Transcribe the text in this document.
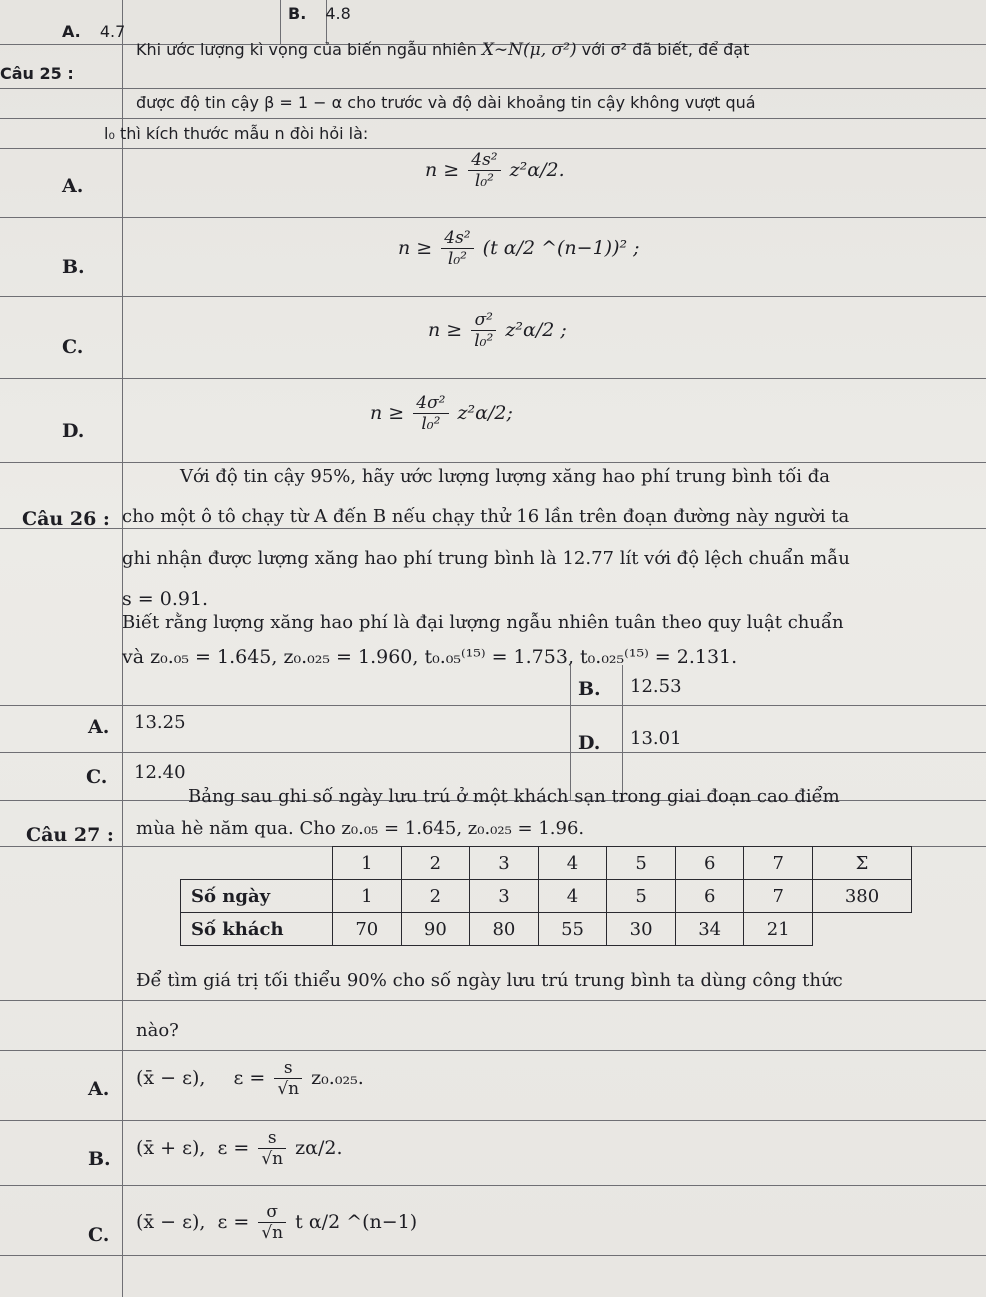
A. 4.7
B. 4.8
Câu 25 :
Khi ước lượng kì vọng của biến ngẫu nhiên X∼N(μ, σ²) với σ² đã biết, để đạt
được độ tin cậy β = 1 − α cho trước và độ dài khoảng tin cậy không vượt quá
l₀ thì kích thước mẫu n đòi hỏi là:
A.
$n \ge \frac{\text{4s²}}{\text{l₀²}} z^2\alpha/2$.
B.
$n \ge \frac{\text{4s²}}{\text{l₀²}} (t$ α/2 ^(n−1))² ;
C.
$n \ge \frac{\text{σ²}}{\text{l₀²}} z^2\alpha/2$ ;
D.
$n \ge \frac{\text{4σ²}}{\text{l₀²}} z^2\alpha/2$;
Câu 26 :
Với độ tin cậy 95%, hãy ước lượng lượng xăng hao phí trung bình tối đa
cho một ô tô chạy từ A đến B nếu chạy thử 16 lần trên đoạn đường này người ta
ghi nhận được lượng xăng hao phí trung bình là 12.77 lít với độ lệch chuẩn mẫu
s = 0.91.
Biết rằng lượng xăng hao phí là đại lượng ngẫu nhiên tuân theo quy luật chuẩn
và z₀.₀₅ = 1.645, z₀.₀₂₅ = 1.960, t₀.₀₅⁽¹⁵⁾ = 1.753, t₀.₀₂₅⁽¹⁵⁾ = 2.131.
A. 13.25
B. 12.53
C. 12.40
D. 13.01
Câu 27 :
Bảng sau ghi số ngày lưu trú ở một khách sạn trong giai đoạn cao điểm
mùa hè năm qua. Cho z₀.₀₅ = 1.645, z₀.₀₂₅ = 1.96.
	1	2	3	4	5	6	7	Σ
Số ngày	1	2	3	4	5	6	7	380
Số khách	70	90	80	55	30	34	21	
Để tìm giá trị tối thiểu 90% cho số ngày lưu trú trung bình ta dùng công thức
nào?
A.
(x̄ − ε), $\varepsilon = \frac{s}{√n} z_0._{025}$.
B.
(x̄ + ε), $\varepsilon = \frac{s}{√n} z\alpha/2$.
C.
(x̄ − ε), $\varepsilon = \frac{\sigma}{√n}$ t α/2 ^(n−1)
